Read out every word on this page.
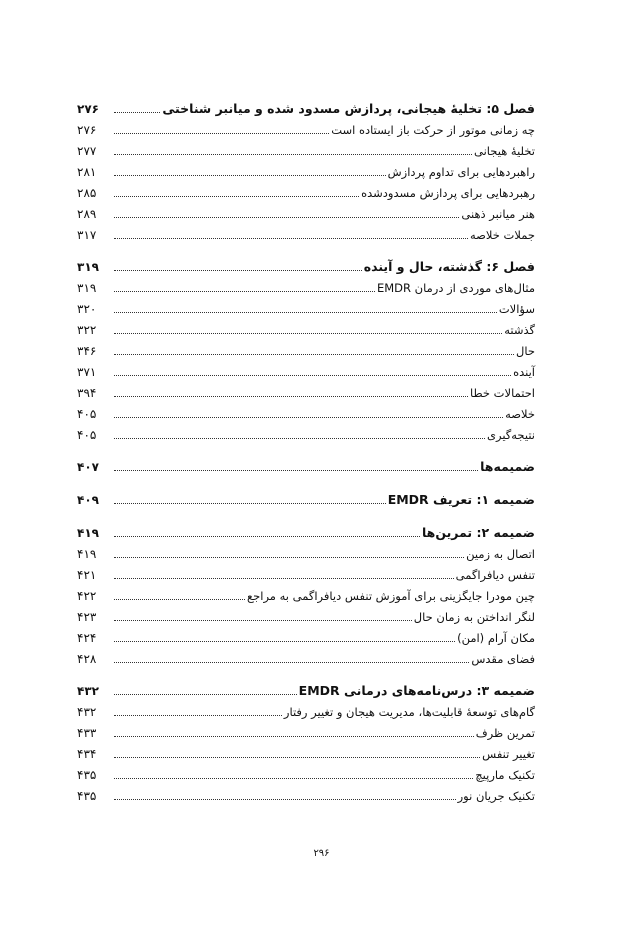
فصل ۵: تخلیهٔ هیجانی، پردازش مسدود شده و میانبر شناختی
۲۷۶
چه زمانی موتور از حرکت باز ایستاده است
۲۷۶
تخلیهٔ هیجانی
۲۷۷
راهبردهایی برای تداوم پردازش
۲۸۱
رهبردهایی برای پردازش مسدودشده
۲۸۵
هنر میانبر ذهنی
۲۸۹
جملات خلاصه
۳۱۷
فصل ۶: گذشته، حال و آینده
۳۱۹
مثال‌های موردی از درمان EMDR
۳۱۹
سؤالات
۳۲۰
گذشته
۳۲۲
حال
۳۴۶
آینده
۳۷۱
احتمالات خطا
۳۹۴
خلاصه
۴۰۵
نتیجه‌گیری
۴۰۵
ضمیمه‌ها
۴۰۷
ضمیمه ۱: تعریف EMDR
۴۰۹
ضمیمه ۲: تمرین‌ها
۴۱۹
اتصال به زمین
۴۱۹
تنفس دیافراگمی
۴۲۱
چین مودرا جایگزینی برای آموزش تنفس دیافراگمی به مراجع
۴۲۲
لنگر انداختن به زمان حال
۴۲۳
مکان آرام (امن)
۴۲۴
فضای مقدس
۴۲۸
ضمیمه ۳: درس‌نامه‌های درمانی EMDR
۴۳۲
گام‌های توسعهٔ قابلیت‌ها، مدیریت هیجان و تغییر رفتار
۴۳۲
تمرین ظرف
۴۳۳
تغییر تنفس
۴۳۴
تکنیک مارپیچ
۴۳۵
تکنیک جریان نور
۴۳۵
۲۹۶
